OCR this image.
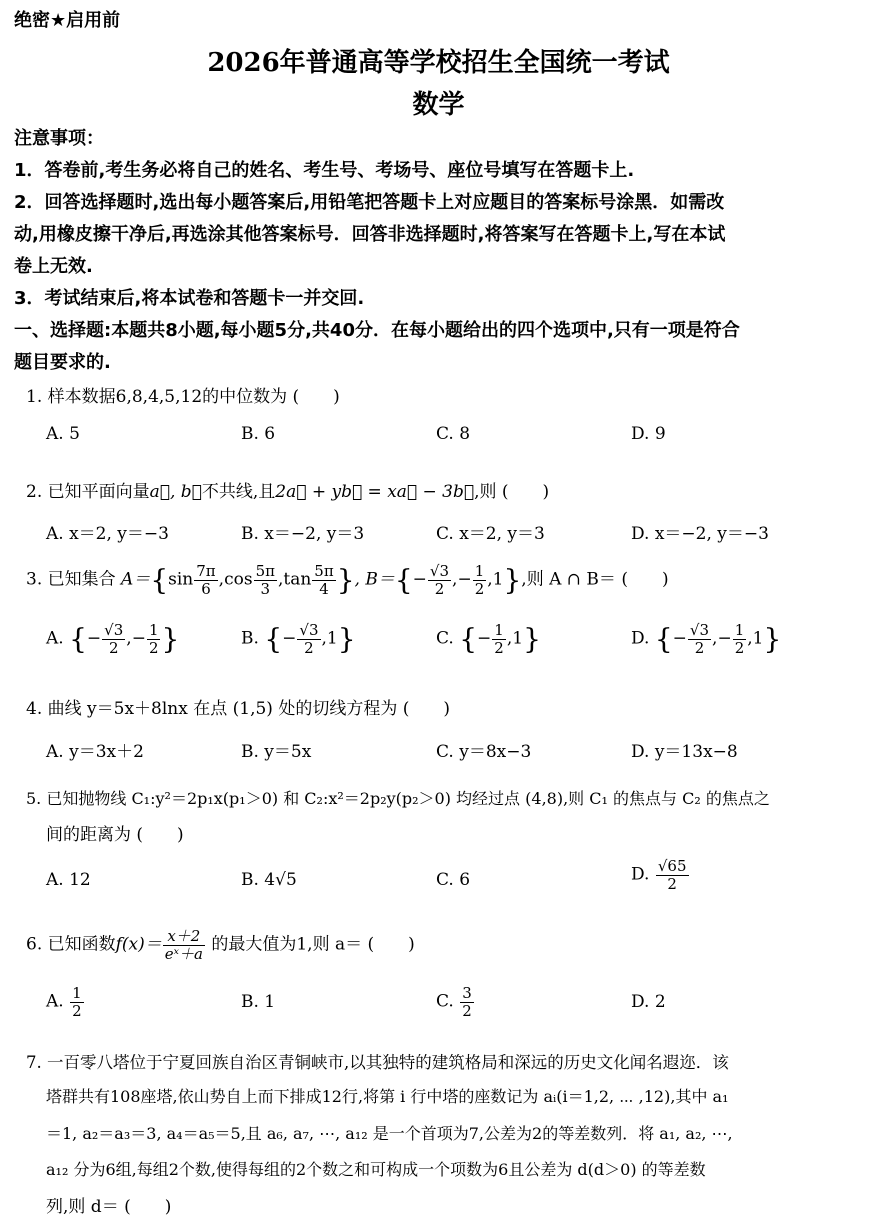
绝密★启用前
2026年普通高等学校招生全国统一考试
数学
注意事项：
1．答卷前,考生务必将自己的姓名、考生号、考场号、座位号填写在答题卡上.
2．回答选择题时,选出每小题答案后,用铅笔把答题卡上对应题目的答案标号涂黑．如需改
动,用橡皮擦干净后,再选涂其他答案标号．回答非选择题时,将答案写在答题卡上,写在本试
卷上无效.
3．考试结束后,将本试卷和答题卡一并交回.
一、选择题:本题共8小题,每小题5分,共40分．在每小题给出的四个选项中,只有一项是符合
题目要求的.
1. 样本数据6,8,4,5,12的中位数为 (　　)
A. 5	B. 6	C. 8	D. 9
2. 已知平面向量a⃗, b⃗不共线,且2a⃗ + yb⃗ = xa⃗ − 3b⃗,则 (　　)
A. x＝2, y＝−3	B. x＝−2, y＝3	C. x＝2, y＝3	D. x＝−2, y＝−3
3. 已知集合 $A=\{\sin \frac{7\pi}{6} ,\cos \frac{5\pi}{3} ,\tan \frac{5\pi}{4}$ }, $B=\{- \frac{√3}{2}$ ,− $\frac{1}{2} ,1$},则 A ∩ B＝ (　　)
A. {− $\frac{√3}{2}$ ,− $\frac{1}{2}$ }	B. {− $\frac{√3}{2} ,1$}	C. {− $\frac{1}{2} ,1$}	D. {− $\frac{√3}{2}$ ,− $\frac{1}{2} ,1$}
4. 曲线 y＝5x＋8lnx 在点 (1,5) 处的切线方程为 (　　)
A. y＝3x＋2	B. y＝5x	C. y＝8x−3	D. y＝13x−8
5. 已知抛物线 C₁:y²＝2p₁x(p₁＞0) 和 C₂:x²＝2p₂y(p₂＞0) 均经过点 (4,8),则 C₁ 的焦点与 C₂ 的焦点之
间的距离为 (　　)
A. 12	B. 4√5	C. 6	D. $\frac{√65}{2}$
6. 已知函数$f(x)= \frac{x+2}{\text{eˣ＋a}}$ 的最大值为1,则 a＝ (　　)
A. $\frac{1}{2}$	B. 1	C. $\frac{3}{2}$	D. 2
7. 一百零八塔位于宁夏回族自治区青铜峡市,以其独特的建筑格局和深远的历史文化闻名遐迩．该
塔群共有108座塔,依山势自上而下排成12行,将第 i 行中塔的座数记为 aᵢ(i＝1,2, ⋯ ,12),其中 a₁
＝1, a₂＝a₃＝3, a₄＝a₅＝5,且 a₆, a₇, ⋯, a₁₂ 是一个首项为7,公差为2的等差数列．将 a₁, a₂, ⋯,
a₁₂ 分为6组,每组2个数,使得每组的2个数之和可构成一个项数为6且公差为 d(d＞0) 的等差数
列,则 d＝ (　　)
